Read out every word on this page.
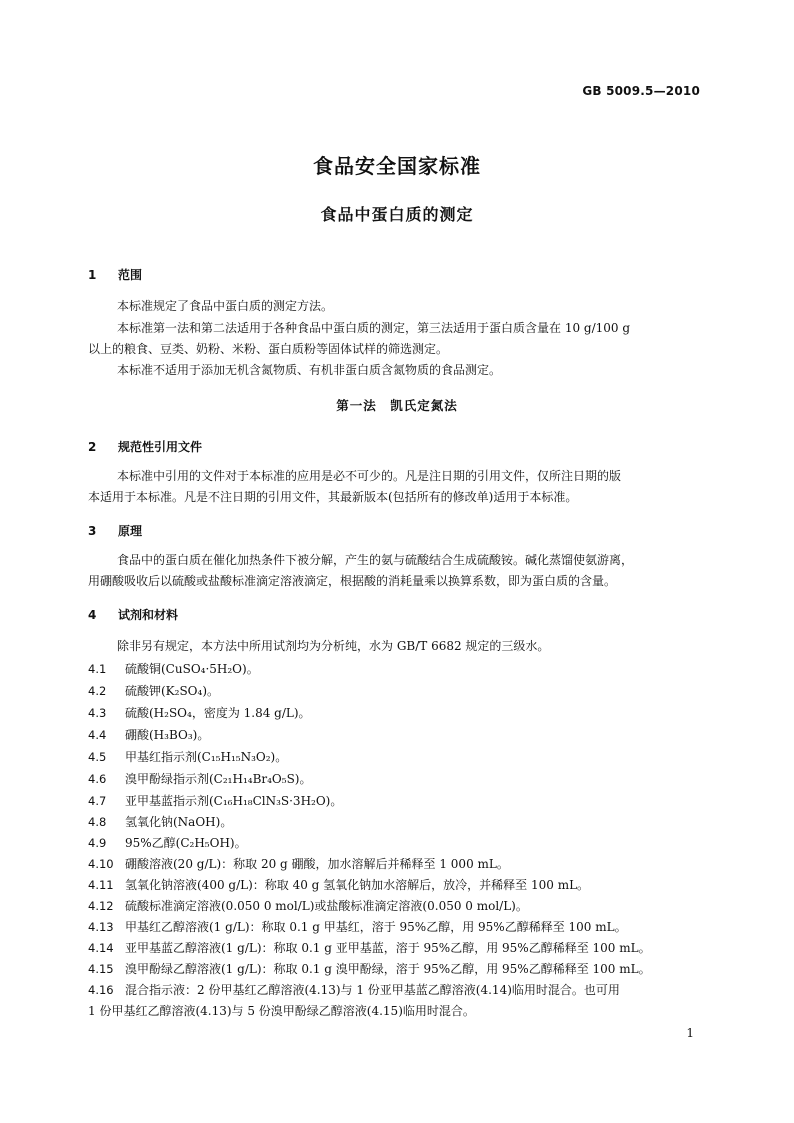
GB 5009.5—2010
食品安全国家标准
食品中蛋白质的测定
1 范围
本标准规定了食品中蛋白质的测定方法。
本标准第一法和第二法适用于各种食品中蛋白质的测定，第三法适用于蛋白质含量在 10 g/100 g
以上的粮食、豆类、奶粉、米粉、蛋白质粉等固体试样的筛选测定。
本标准不适用于添加无机含氮物质、有机非蛋白质含氮物质的食品测定。
第一法　凯氏定氮法
2 规范性引用文件
本标准中引用的文件对于本标准的应用是必不可少的。凡是注日期的引用文件，仅所注日期的版
本适用于本标准。凡是不注日期的引用文件，其最新版本(包括所有的修改单)适用于本标准。
3 原理
食品中的蛋白质在催化加热条件下被分解，产生的氨与硫酸结合生成硫酸铵。碱化蒸馏使氨游离，
用硼酸吸收后以硫酸或盐酸标准滴定溶液滴定，根据酸的消耗量乘以换算系数，即为蛋白质的含量。
4 试剂和材料
除非另有规定，本方法中所用试剂均为分析纯，水为 GB/T 6682 规定的三级水。
4.1 硫酸铜(CuSO₄·5H₂O)。
4.2 硫酸钾(K₂SO₄)。
4.3 硫酸(H₂SO₄，密度为 1.84 g/L)。
4.4 硼酸(H₃BO₃)。
4.5 甲基红指示剂(C₁₅H₁₅N₃O₂)。
4.6 溴甲酚绿指示剂(C₂₁H₁₄Br₄O₅S)。
4.7 亚甲基蓝指示剂(C₁₆H₁₈ClN₃S·3H₂O)。
4.8 氢氧化钠(NaOH)。
4.9 95%乙醇(C₂H₅OH)。
4.10 硼酸溶液(20 g/L)：称取 20 g 硼酸，加水溶解后并稀释至 1 000 mL。
4.11 氢氧化钠溶液(400 g/L)：称取 40 g 氢氧化钠加水溶解后，放冷，并稀释至 100 mL。
4.12 硫酸标准滴定溶液(0.050 0 mol/L)或盐酸标准滴定溶液(0.050 0 mol/L)。
4.13 甲基红乙醇溶液(1 g/L)：称取 0.1 g 甲基红，溶于 95%乙醇，用 95%乙醇稀释至 100 mL。
4.14 亚甲基蓝乙醇溶液(1 g/L)：称取 0.1 g 亚甲基蓝，溶于 95%乙醇，用 95%乙醇稀释至 100 mL。
4.15 溴甲酚绿乙醇溶液(1 g/L)：称取 0.1 g 溴甲酚绿，溶于 95%乙醇，用 95%乙醇稀释至 100 mL。
4.16 混合指示液：2 份甲基红乙醇溶液(4.13)与 1 份亚甲基蓝乙醇溶液(4.14)临用时混合。也可用
1 份甲基红乙醇溶液(4.13)与 5 份溴甲酚绿乙醇溶液(4.15)临用时混合。
1
